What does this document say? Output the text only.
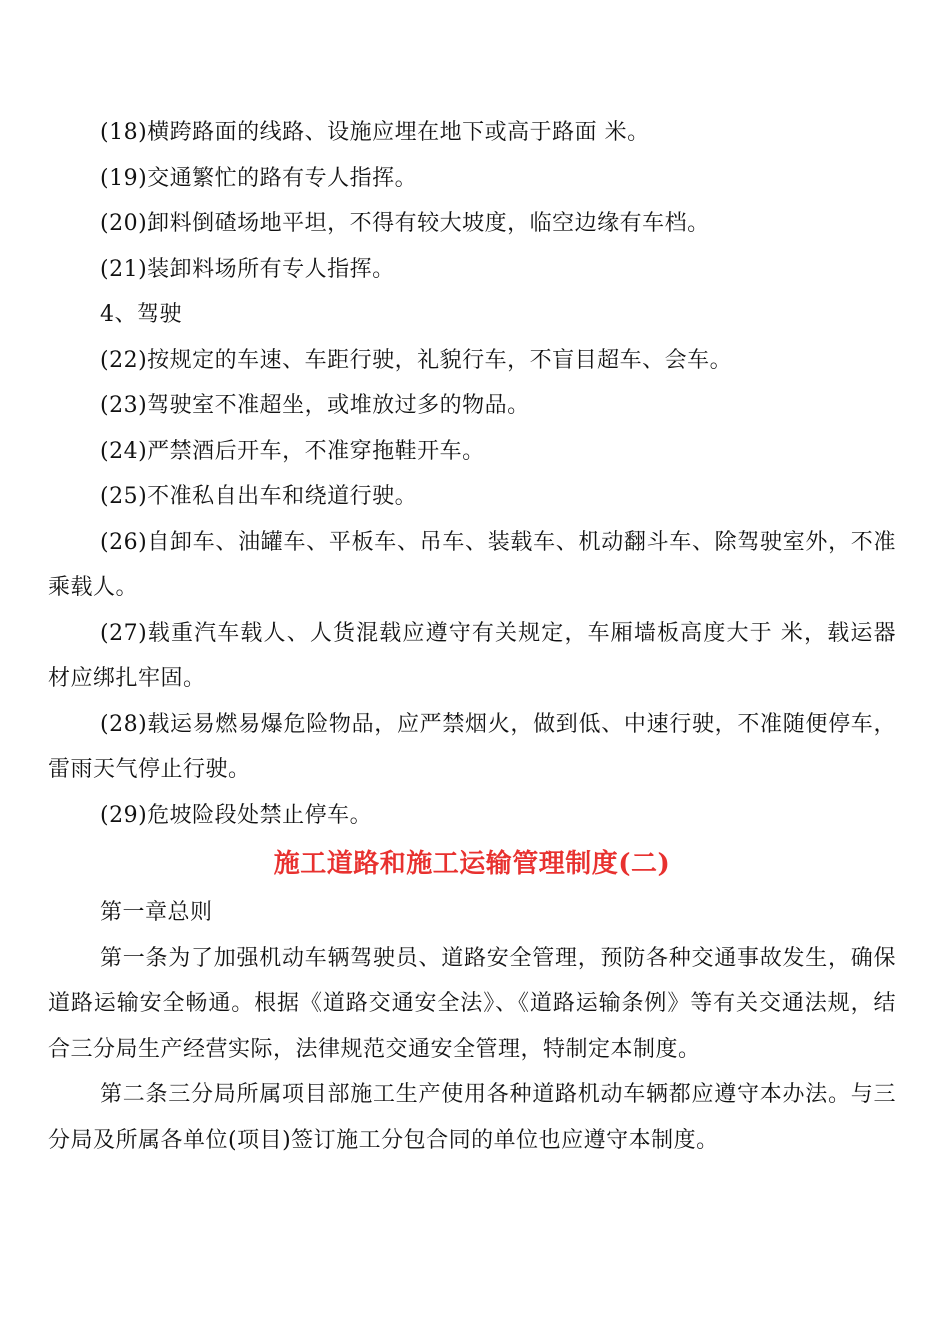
(18)横跨路面的线路、设施应埋在地下或高于路面 米。

(19)交通繁忙的路有专人指挥。

(20)卸料倒碴场地平坦，不得有较大坡度，临空边缘有车档。

(21)装卸料场所有专人指挥。

4、驾驶

(22)按规定的车速、车距行驶，礼貌行车，不盲目超车、会车。

(23)驾驶室不准超坐，或堆放过多的物品。

(24)严禁酒后开车，不准穿拖鞋开车。

(25)不准私自出车和绕道行驶。

(26)自卸车、油罐车、平板车、吊车、装载车、机动翻斗车、除驾驶室外，不准乘载人。

(27)载重汽车载人、人货混载应遵守有关规定，车厢墙板高度大于 米，载运器材应绑扎牢固。

(28)载运易燃易爆危险物品，应严禁烟火，做到低、中速行驶，不准随便停车，雷雨天气停止行驶。

(29)危坡险段处禁止停车。

施工道路和施工运输管理制度(二)

第一章总则

第一条为了加强机动车辆驾驶员、道路安全管理，预防各种交通事故发生，确保道路运输安全畅通。根据《道路交通安全法》、《道路运输条例》等有关交通法规，结合三分局生产经营实际，法律规范交通安全管理，特制定本制度。

第二条三分局所属项目部施工生产使用各种道路机动车辆都应遵守本办法。与三分局及所属各单位(项目)签订施工分包合同的单位也应遵守本制度。
